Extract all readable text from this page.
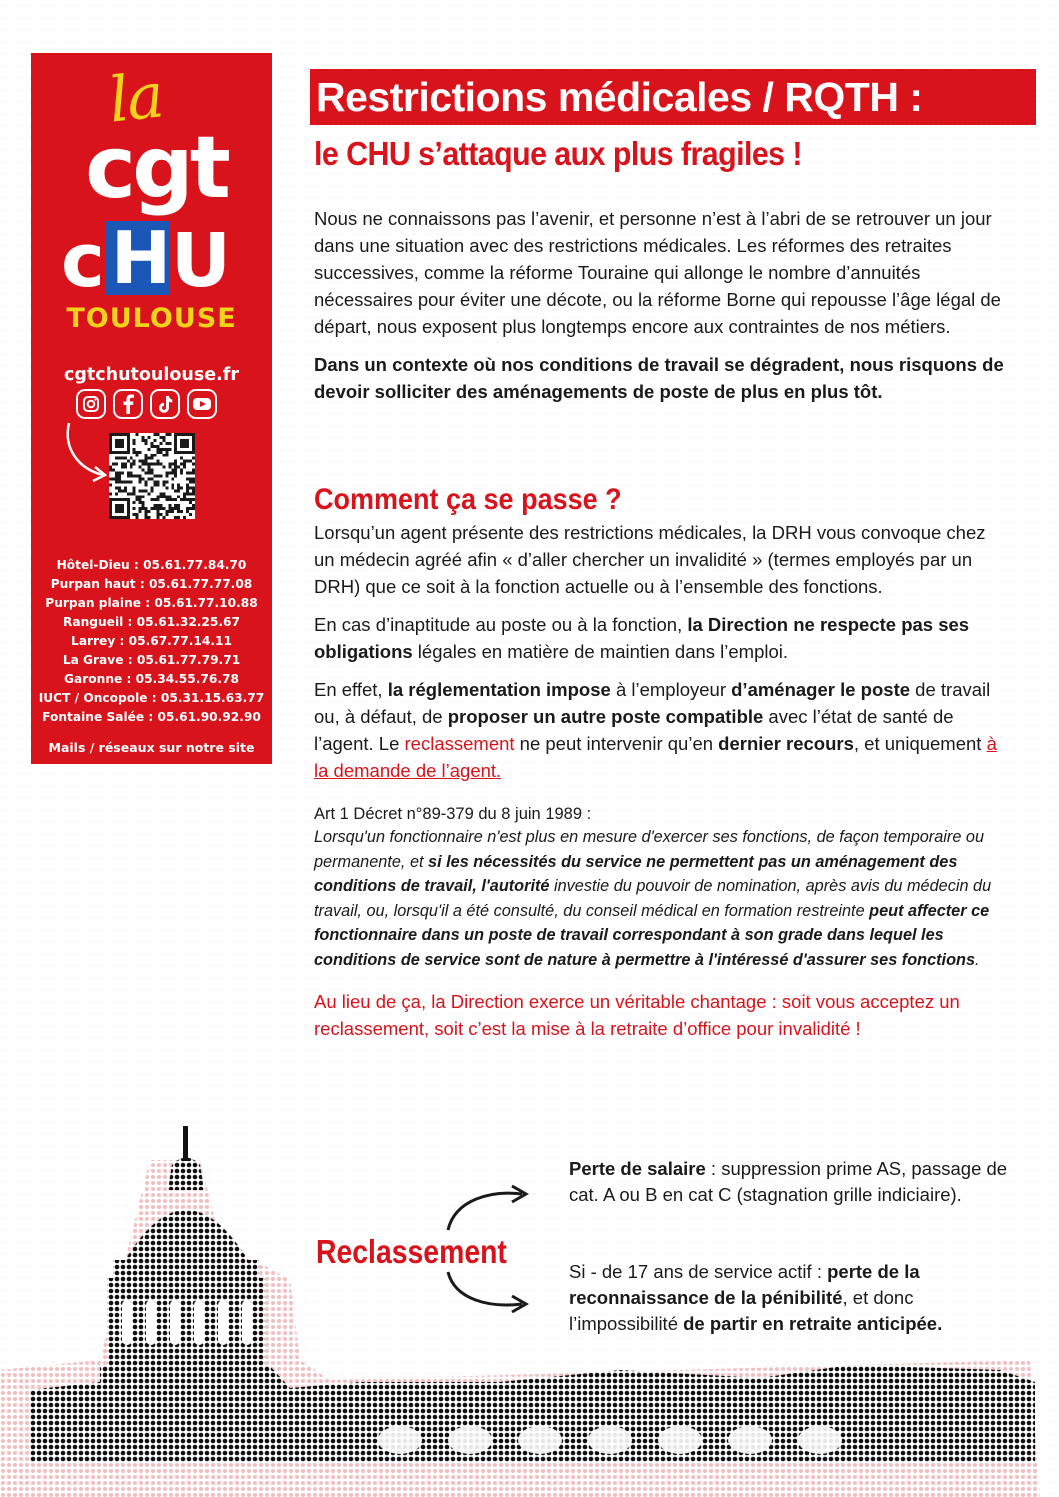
la
cgt
c H U
TOULOUSE
cgtchutoulouse.fr
Hôtel-Dieu : 05.61.77.84.70
Purpan haut : 05.61.77.77.08
Purpan plaine : 05.61.77.10.88
Rangueil : 05.61.32.25.67
Larrey : 05.67.77.14.11
La Grave : 05.61.77.79.71
Garonne : 05.34.55.76.78
IUCT / Oncopole : 05.31.15.63.77
Fontaine Salée : 05.61.90.92.90
Mails / réseaux sur notre site
Restrictions médicales / RQTH :
le CHU s’attaque aux plus fragiles !

Nous ne connaissons pas l’avenir, et personne n’est à l’abri de se retrouver un jour dans une situation avec des restrictions médicales. Les réformes des retraites successives, comme la réforme Touraine qui allonge le nombre d’annuités nécessaires pour éviter une décote, ou la réforme Borne qui repousse l’âge légal de départ, nous exposent plus longtemps encore aux contraintes de nos métiers.

Dans un contexte où nos conditions de travail se dégradent, nous risquons de devoir solliciter des aménagements de poste de plus en plus tôt.

Comment ça se passe ?

Lorsqu’un agent présente des restrictions médicales, la DRH vous convoque chez un médecin agréé afin « d’aller chercher un invalidité » (termes employés par un DRH) que ce soit à la fonction actuelle ou à l’ensemble des fonctions.

En cas d’inaptitude au poste ou à la fonction, la Direction ne respecte pas ses obligations légales en matière de maintien dans l’emploi.

En effet, la réglementation impose à l’employeur d’aménager le poste de travail ou, à défaut, de proposer un autre poste compatible avec l’état de santé de l’agent. Le reclassement ne peut intervenir qu’en dernier recours, et uniquement à la demande de l’agent.

Art 1 Décret n°89-379 du 8 juin 1989 :

Lorsqu'un fonctionnaire n'est plus en mesure d'exercer ses fonctions, de façon temporaire ou permanente, et si les nécessités du service ne permettent pas un aménagement des conditions de travail, l'autorité investie du pouvoir de nomination, après avis du médecin du travail, ou, lorsqu'il a été consulté, du conseil médical en formation restreinte peut affecter ce fonctionnaire dans un poste de travail correspondant à son grade dans lequel les conditions de service sont de nature à permettre à l'intéressé d'assurer ses fonctions.

Au lieu de ça, la Direction exerce un véritable chantage : soit vous acceptez un reclassement, soit c’est la mise à la retraite d’office pour invalidité !

Reclassement
Perte de salaire : suppression prime AS, passage de cat. A ou B en cat C (stagnation grille indiciaire).
Si - de 17 ans de service actif : perte de la reconnaissance de la pénibilité, et donc l’impossibilité de partir en retraite anticipée.
